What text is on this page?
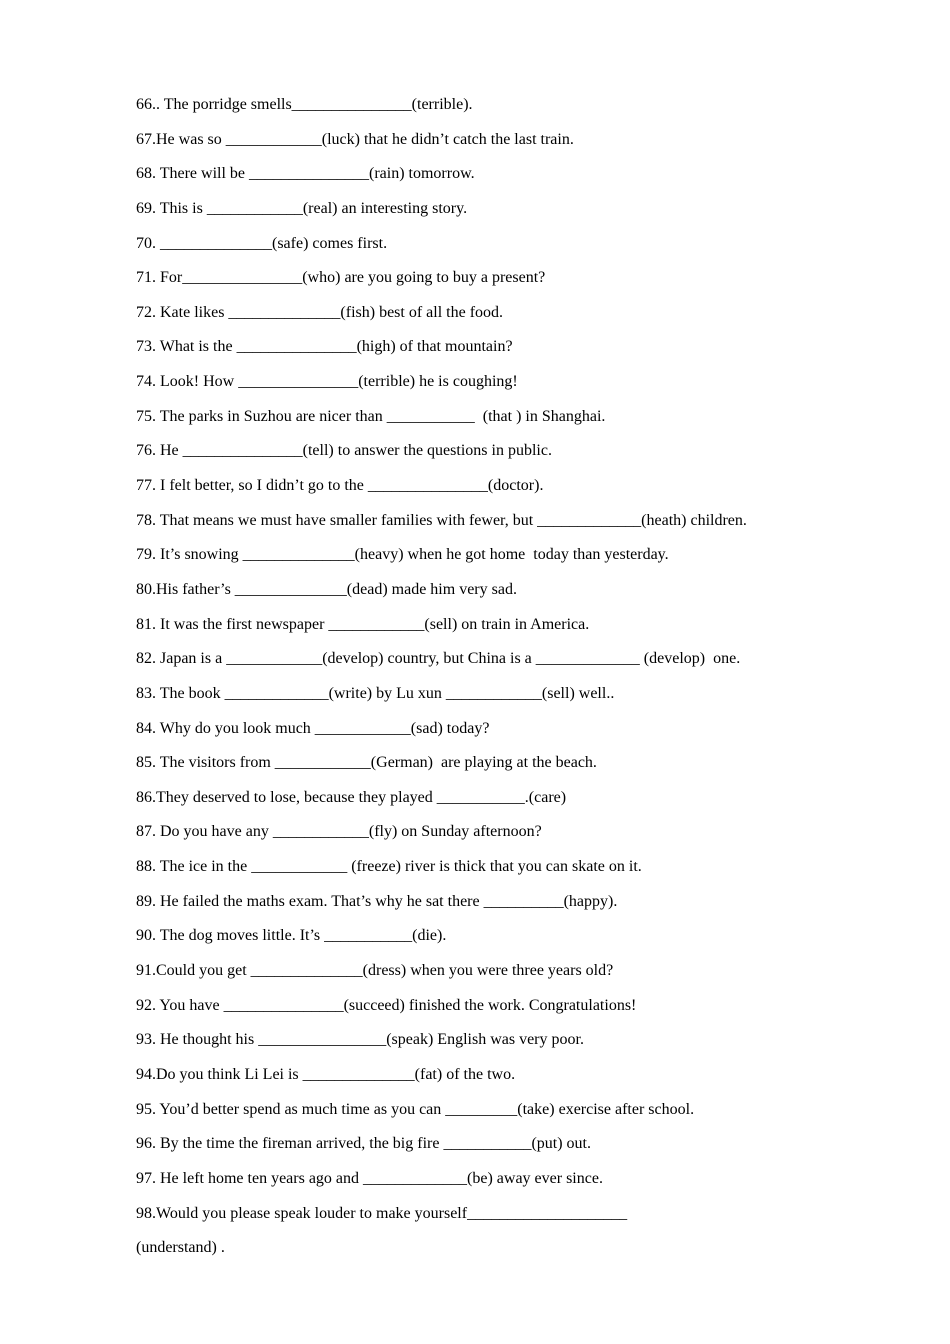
66.. The porridge smells_______________(terrible).
67.He was so ____________(luck) that he didn’t catch the last train.
68. There will be _______________(rain) tomorrow.
69. This is ____________(real) an interesting story.
70. ______________(safe) comes first.
71. For_______________(who) are you going to buy a present?
72. Kate likes ______________(fish) best of all the food.
73. What is the _______________(high) of that mountain?
74. Look! How _______________(terrible) he is coughing!
75. The parks in Suzhou are nicer than ___________  (that ) in Shanghai.
76. He _______________(tell) to answer the questions in public.
77. I felt better, so I didn’t go to the _______________(doctor).
78. That means we must have smaller families with fewer, but _____________(heath) children.
79. It’s snowing ______________(heavy) when he got home  today than yesterday.
80.His father’s ______________(dead) made him very sad.
81. It was the first newspaper ____________(sell) on train in America.
82. Japan is a ____________(develop) country, but China is a _____________ (develop)  one.
83. The book _____________(write) by Lu xun ____________(sell) well..
84. Why do you look much ____________(sad) today?
85. The visitors from ____________(German)  are playing at the beach.
86.They deserved to lose, because they played ___________.(care)
87. Do you have any ____________(fly) on Sunday afternoon?
88. The ice in the ____________ (freeze) river is thick that you can skate on it.
89. He failed the maths exam. That’s why he sat there __________(happy).
90. The dog moves little. It’s ___________(die).
91.Could you get ______________(dress) when you were three years old?
92. You have _______________(succeed) finished the work. Congratulations!
93. He thought his ________________(speak) English was very poor.
94.Do you think Li Lei is ______________(fat) of the two.
95. You’d better spend as much time as you can _________(take) exercise after school.
96. By the time the fireman arrived, the big fire ___________(put) out.
97. He left home ten years ago and _____________(be) away ever since.
98.Would you please speak louder to make yourself____________________
(understand) .
